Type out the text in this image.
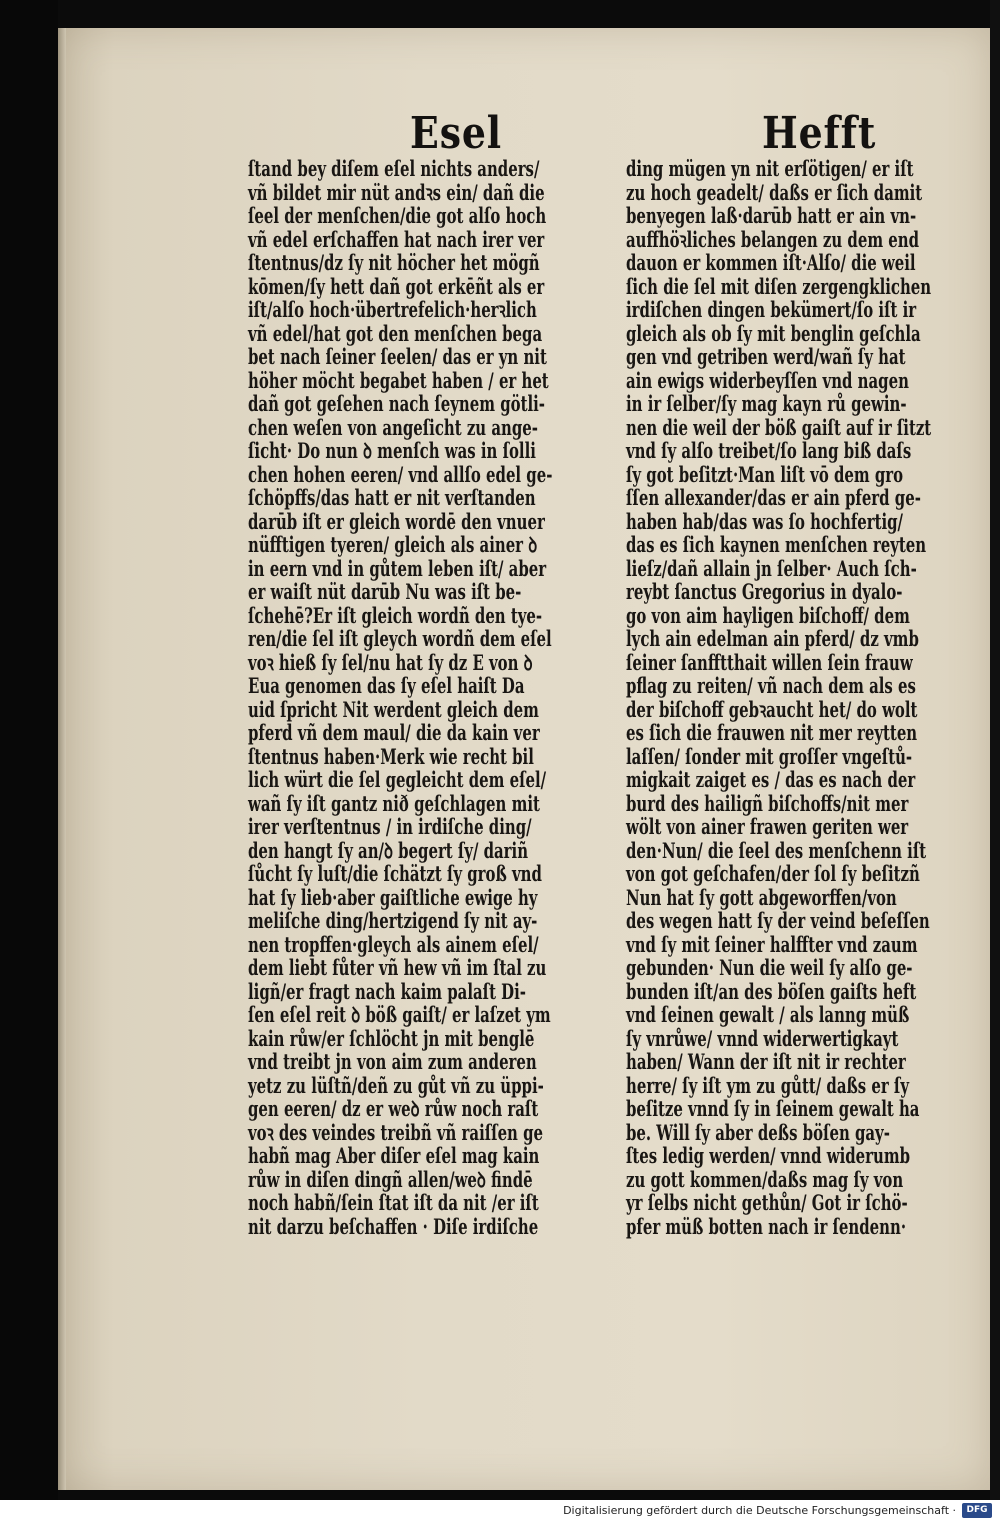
Esel	Hefft
ſtand bey diſem eſel nichts anders/
vñ bildet mir nüt andꝛs ein/ dañ die
ſeel der menſchen/die got alſo hoch
vñ edel erſchaffen hat nach irer ver
ſtentnus/dz ſy nit höcher het mögñ
kōmen/ſy hett dañ got erkēñt als er
iſt/alſo hoch·übertrefelich·herꝛlich
vñ edel/hat got den menſchen bega
bet nach ſeiner ſeelen/ das er yn nit
höher möcht begabet haben / er het
dañ got geſehen nach ſeynem götli-
chen weſen von angeſicht zu ange-
ſicht· Do nun ꝺ menſch was in ſolli
chen hohen eeren/ vnd allſo edel ge-
ſchöpffs/das hatt er nit verſtanden
darūb iſt er gleich wordē den vnuer
nüfftigen tyeren/ gleich als ainer ꝺ
in eern vnd in gůtem leben iſt/ aber
er waiſt nüt darūb Nu was iſt be-
ſchehē?Er iſt gleich wordñ den tye-
ren/die ſel iſt gleych wordñ dem eſel
voꝛ hieß ſy ſel/nu hat ſy dz E von ꝺ
Eua genomen das ſy eſel haiſt Da
uid ſpricht Nit werdent gleich dem
pferd vñ dem maul/ die da kain ver
ſtentnus haben·Merk wie recht bil
lich würt die ſel gegleicht dem eſel/
wañ ſy iſt gantz nið geſchlagen mit
irer verſtentnus / in irdiſche ding/
den hangt ſy an/ꝺ begert ſy/ dariñ
ſůcht ſy luſt/die ſchätzt ſy groß vnd
hat ſy lieb·aber gaiſtliche ewige hy
meliſche ding/hertzigend ſy nit ay-
nen tropffen·gleych als ainem eſel/
dem liebt fůter vñ hew vñ im ſtal zu
ligñ/er fragt nach kaim palaſt Di-
ſen eſel reit ꝺ böß gaiſt/ er laſzet ym
kain růw/er ſchlöcht jn mit benglē
vnd treibt jn von aim zum anderen
yetz zu lüſtñ/deñ zu gůt vñ zu üppi-
gen eeren/ dz er weꝺ růw noch raſt
voꝛ des veindes treibñ vñ raiſſen ge
habñ mag Aber diſer eſel mag kain
růw in diſen dingñ allen/weꝺ findē
noch habñ/ſein ſtat iſt da nit /er iſt
nit darzu beſchaffen · Diſe irdiſche
ding mügen yn nit erſötigen/ er iſt
zu hoch geadelt/ daßs er ſich damit
benyegen laß·darūb hatt er ain vn-
auffhöꝛliches belangen zu dem end
dauon er kommen iſt·Alſo/ die weil
ſich die ſel mit diſen zergengklichen
irdiſchen dingen bekümert/ſo iſt ir
gleich als ob ſy mit benglin geſchla
gen vnd getriben werd/wañ ſy hat
ain ewigs widerbeyſſen vnd nagen
in ir ſelber/ſy mag kayn rů gewin-
nen die weil der böß gaiſt auf ir ſitzt
vnd ſy alſo treibet/ſo lang biß daſs
ſy got beſitzt·Man liſt vō dem gro
ſſen allexander/das er ain pferd ge-
haben hab/das was ſo hochfertig/
das es ſich kaynen menſchen reyten
lieſz/dañ allain jn ſelber· Auch ſch-
reybt ſanctus Gregorius in dyalo-
go von aim hayligen biſchoff/ dem
lych ain edelman ain pferd/ dz vmb
ſeiner ſanfftthait willen ſein frauw
pflag zu reiten/ vñ nach dem als es
der biſchoff gebꝛaucht het/ do wolt
es ſich die frauwen nit mer reytten
laſſen/ ſonder mit groſſer vngeſtů-
migkait zaiget es / das es nach der
burd des hailigñ biſchoffs/nit mer
wölt von ainer frawen geriten wer
den·Nun/ die ſeel des menſchenn iſt
von got geſchafen/der ſol ſy beſitzñ
Nun hat ſy gott abgeworffen/von
des wegen hatt ſy der veind beſeſſen
vnd ſy mit ſeiner halffter vnd zaum
gebunden· Nun die weil ſy alſo ge-
bunden iſt/an des böſen gaiſts heft
vnd ſeinen gewalt / als lanng müß
ſy vnrůwe/ vnnd widerwertigkayt
haben/ Wann der iſt nit ir rechter
herre/ ſy iſt ym zu gůtt/ daßs er ſy
beſitze vnnd ſy in ſeinem gewalt ha
be. Will ſy aber deßs böſen gay-
ſtes ledig werden/ vnnd widerumb
zu gott kommen/daßs mag ſy von
yr ſelbs nicht gethůn/ Got ir ſchö-
pfer müß botten nach ir ſendenn·
Digitalisierung gefördert durch die Deutsche Forschungsgemeinschaft ·	DFG
